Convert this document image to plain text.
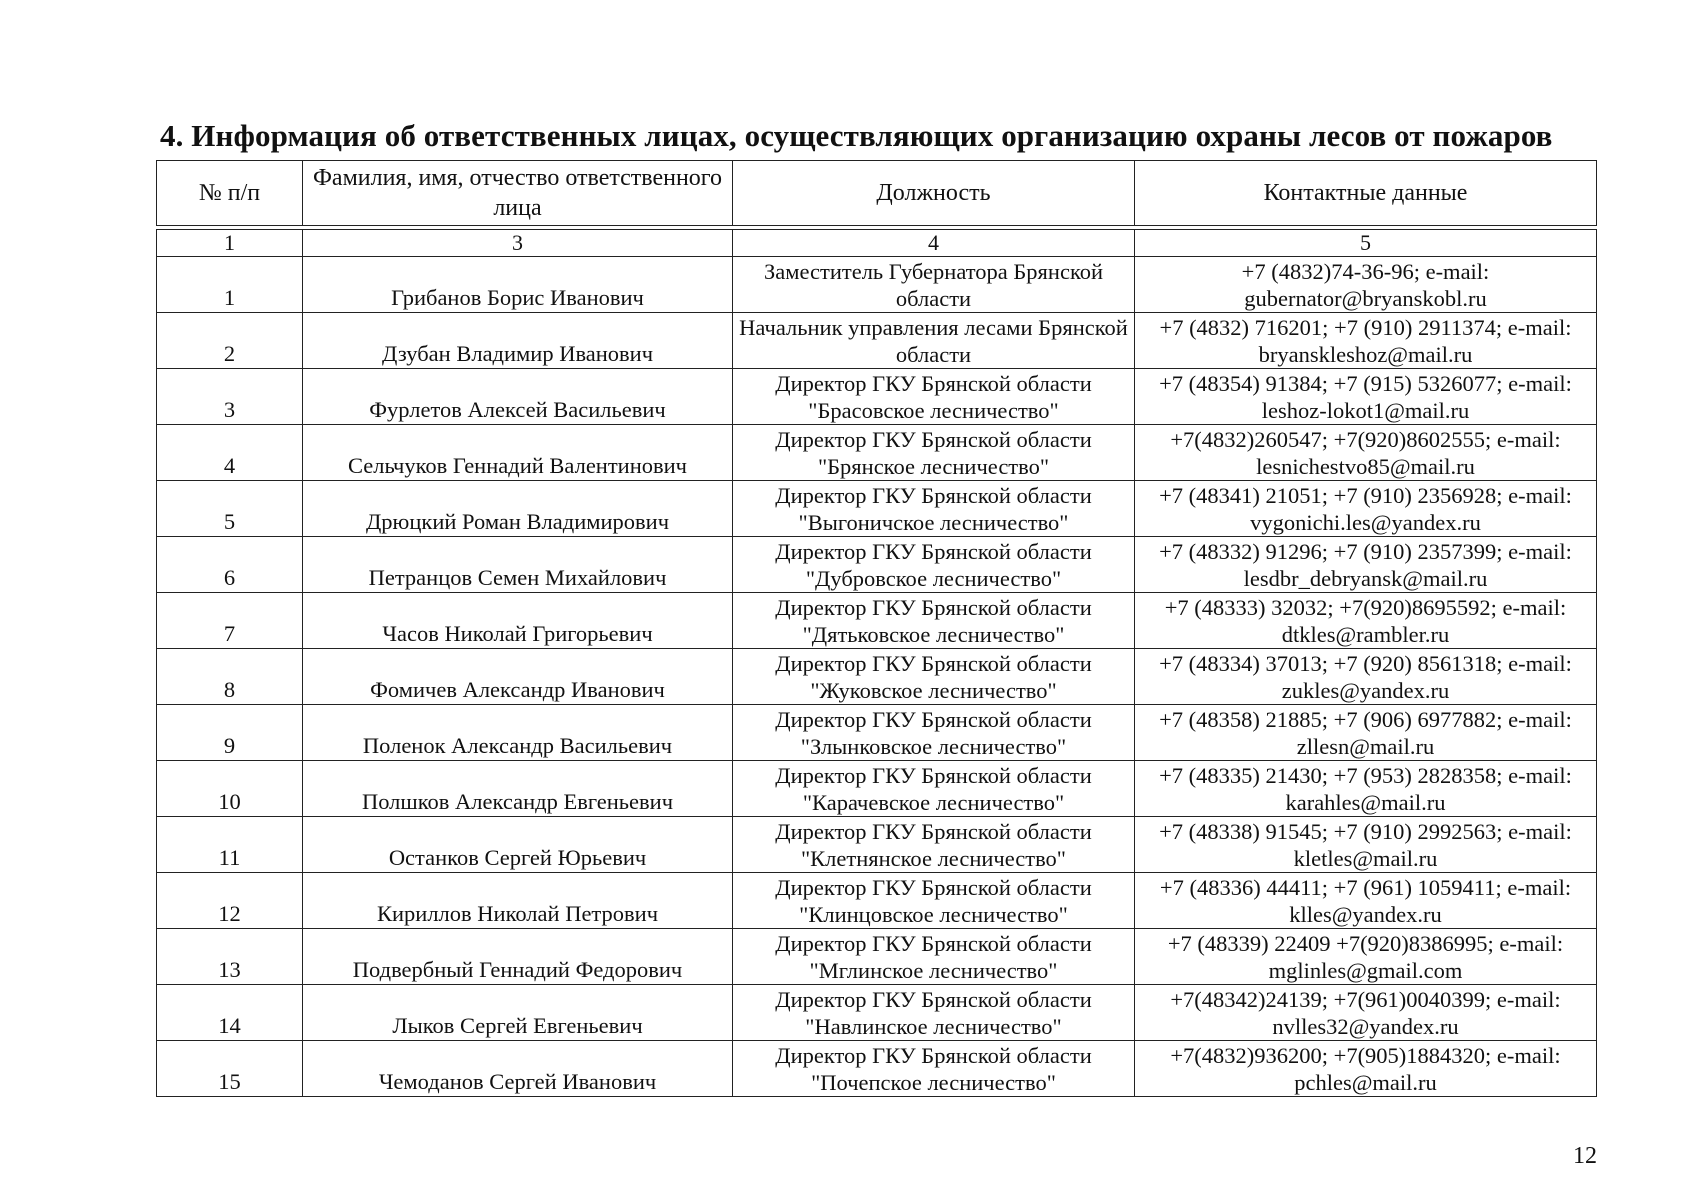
4. Информация об ответственных лицах, осуществляющих организацию охраны лесов от пожаров
№ п/п	Фамилия, имя, отчество ответственного лица	Должность	Контактные данные

1	3	4	5
1	Грибанов Борис Иванович	Заместитель Губернатора Брянской области	+7 (4832)74-36-96; e-mail: gubernator@bryanskobl.ru
2	Дзубан Владимир Иванович	Начальник управления лесами Брянской области	+7 (4832) 716201; +7 (910) 2911374; e-mail: bryanskleshoz@mail.ru
3	Фурлетов Алексей Васильевич	Директор ГКУ Брянской области "Брасовское лесничество"	+7 (48354) 91384; +7 (915) 5326077; e-mail: leshoz-lokot1@mail.ru
4	Сельчуков Геннадий Валентинович	Директор ГКУ Брянской области "Брянское лесничество"	+7(4832)260547; +7(920)8602555; e-mail: lesnichestvo85@mail.ru
5	Дрюцкий Роман Владимирович	Директор ГКУ Брянской области "Выгоничское лесничество"	+7 (48341) 21051; +7 (910) 2356928; e-mail: vygonichi.les@yandex.ru
6	Петранцов Семен Михайлович	Директор ГКУ Брянской области "Дубровское лесничество"	+7 (48332) 91296; +7 (910) 2357399; e-mail: lesdbr_debryansk@mail.ru
7	Часов Николай Григорьевич	Директор ГКУ Брянской области "Дятьковское лесничество"	+7 (48333) 32032; +7(920)8695592; e-mail: dtkles@rambler.ru
8	Фомичев Александр Иванович	Директор ГКУ Брянской области "Жуковское лесничество"	+7 (48334) 37013; +7 (920) 8561318; e-mail: zukles@yandex.ru
9	Поленок Александр Васильевич	Директор ГКУ Брянской области "Злынковское лесничество"	+7 (48358) 21885; +7 (906) 6977882; e-mail: zllesn@mail.ru
10	Полшков Александр Евгеньевич	Директор ГКУ Брянской области "Карачевское лесничество"	+7 (48335) 21430; +7 (953) 2828358; e-mail: karahles@mail.ru
11	Останков Сергей Юрьевич	Директор ГКУ Брянской области "Клетнянское лесничество"	+7 (48338) 91545; +7 (910) 2992563; e-mail: kletles@mail.ru
12	Кириллов Николай Петрович	Директор ГКУ Брянской области "Клинцовское лесничество"	+7 (48336) 44411; +7 (961) 1059411; e-mail: klles@yandex.ru
13	Подвербный Геннадий Федорович	Директор ГКУ Брянской области "Мглинское лесничество"	+7 (48339) 22409 +7(920)8386995; e-mail: mglinles@gmail.com
14	Лыков Сергей Евгеньевич	Директор ГКУ Брянской области "Навлинское лесничество"	+7(48342)24139; +7(961)0040399; e-mail: nvlles32@yandex.ru
15	Чемоданов Сергей Иванович	Директор ГКУ Брянской области "Почепское лесничество"	+7(4832)936200; +7(905)1884320; e-mail: pchles@mail.ru
12
